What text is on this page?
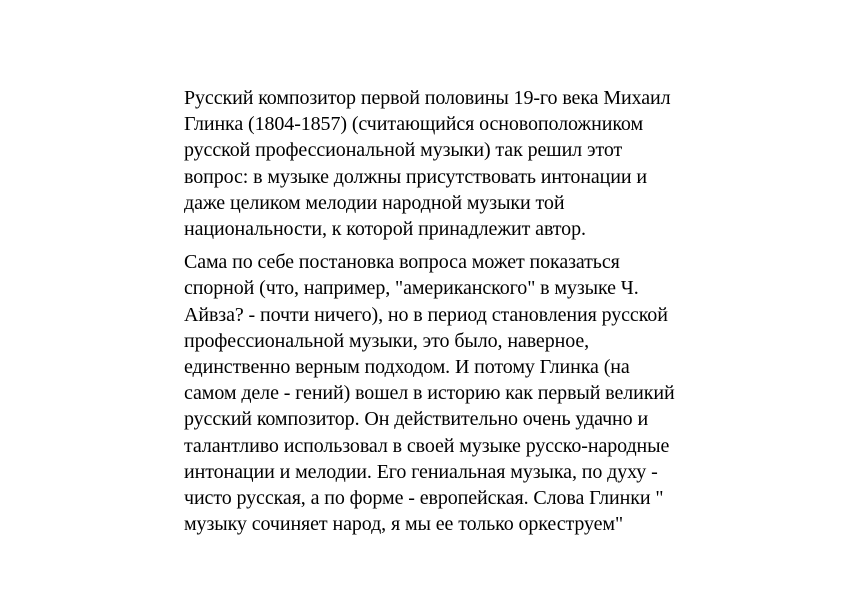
Русский композитор первой половины 19-го века Михаил
Глинка (1804-1857) (считающийся основоположником
русской профессиональной музыки) так решил этот
вопрос: в музыке должны присутствовать интонации и
даже целиком мелодии народной музыки той
национальности, к которой принадлежит автор.

Сама по себе постановка вопроса может показаться
спорной (что, например, "американского" в музыке Ч.
Айвза? - почти ничего), но в период становления русской
профессиональной музыки, это было, наверное,
единственно верным подходом. И потому Глинка (на
самом деле - гений) вошел в историю как первый великий
русский композитор. Он действительно очень удачно и
талантливо использовал в своей музыке русско-народные
интонации и мелодии. Его гениальная музыка, по духу -
чисто русская, а по форме - европейская. Слова Глинки "
музыку сочиняет народ, я мы ее только оркеструем"
